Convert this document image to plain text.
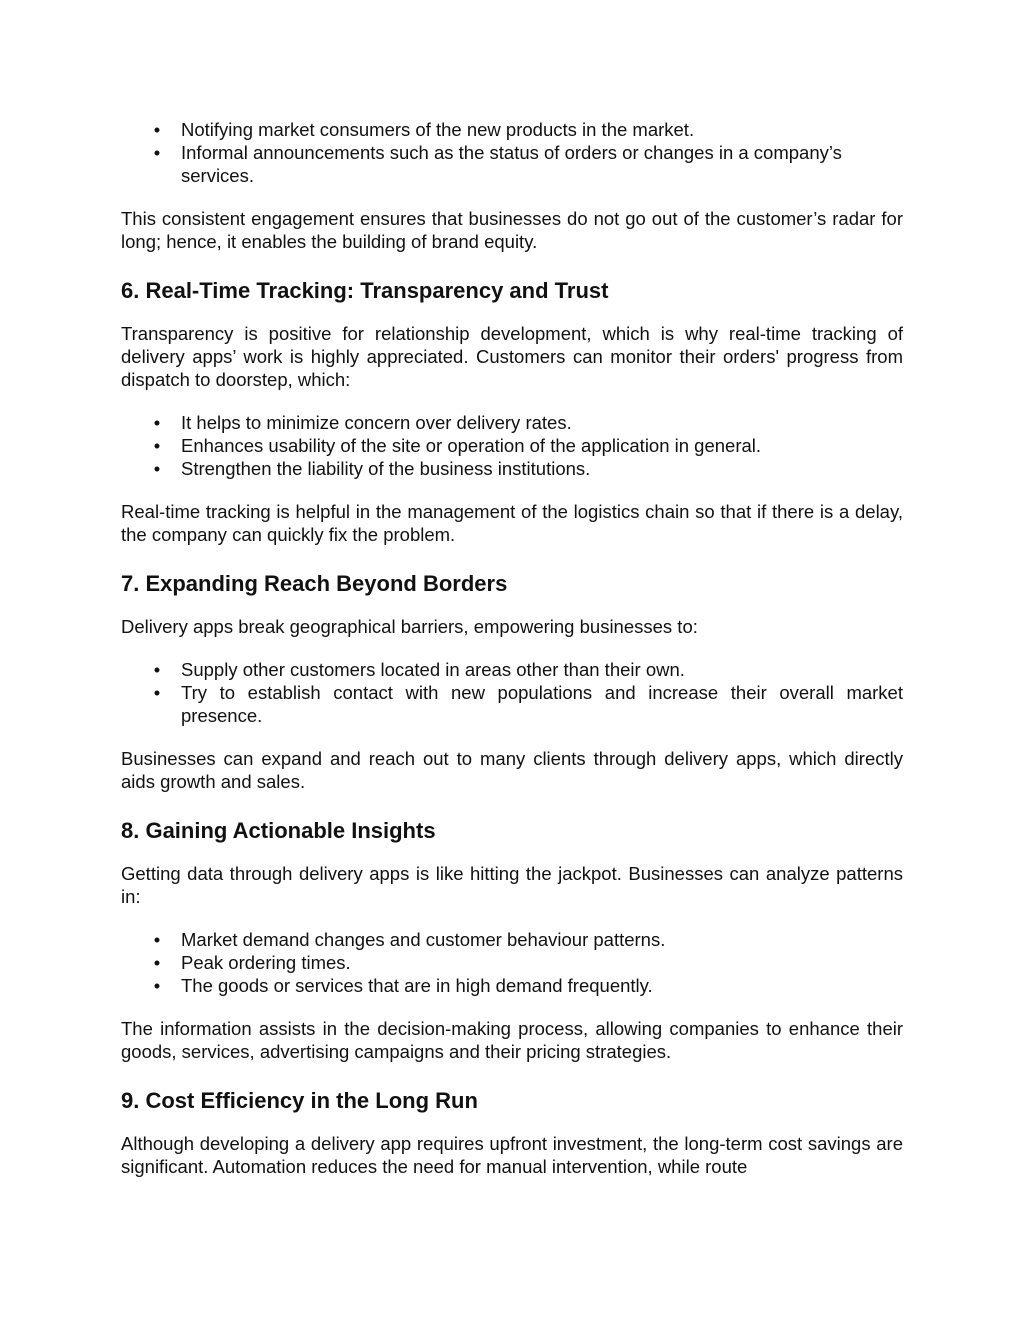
• Notifying market consumers of the new products in the market.
• Informal announcements such as the status of orders or changes in a company’s services.

This consistent engagement ensures that businesses do not go out of the customer’s radar for long; hence, it enables the building of brand equity.

6. Real-Time Tracking: Transparency and Trust

Transparency is positive for relationship development, which is why real-time tracking of delivery apps’ work is highly appreciated. Customers can monitor their orders' progress from dispatch to doorstep, which:

• It helps to minimize concern over delivery rates.
• Enhances usability of the site or operation of the application in general.
• Strengthen the liability of the business institutions.

Real-time tracking is helpful in the management of the logistics chain so that if there is a delay, the company can quickly fix the problem.

7. Expanding Reach Beyond Borders

Delivery apps break geographical barriers, empowering businesses to:

• Supply other customers located in areas other than their own.
• Try to establish contact with new populations and increase their overall market presence.

Businesses can expand and reach out to many clients through delivery apps, which directly aids growth and sales.

8. Gaining Actionable Insights

Getting data through delivery apps is like hitting the jackpot. Businesses can analyze patterns in:

• Market demand changes and customer behaviour patterns.
• Peak ordering times.
• The goods or services that are in high demand frequently.

The information assists in the decision-making process, allowing companies to enhance their goods, services, advertising campaigns and their pricing strategies.

9. Cost Efficiency in the Long Run

Although developing a delivery app requires upfront investment, the long-term cost savings are significant. Automation reduces the need for manual intervention, while route
